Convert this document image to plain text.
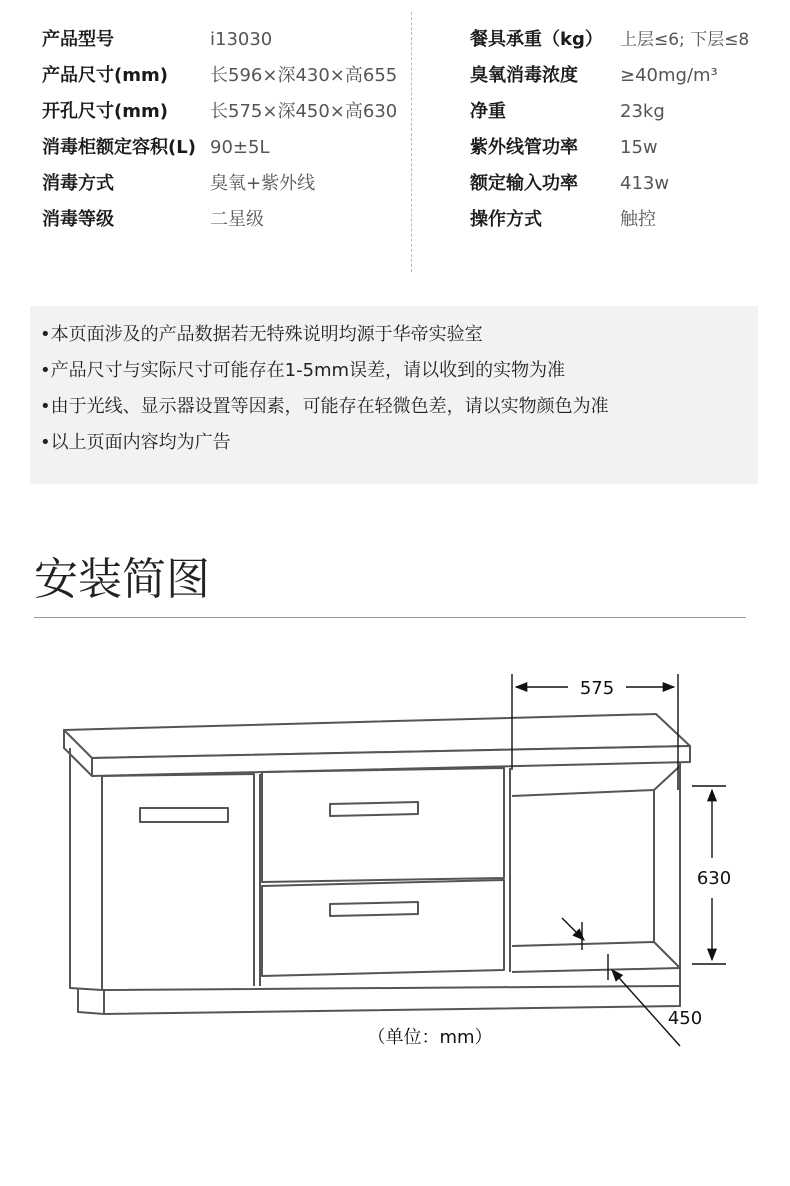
产品型号	i13030
产品尺寸(mm) 长596×深430×高655
开孔尺寸(mm) 长575×深450×高630
消毒柜额定容积(L) 90±5L
消毒方式	臭氧+紫外线
消毒等级	二星级
餐具承重（kg） 上层≤6; 下层≤8
臭氧消毒浓度 ≥40mg/m³
净重	23kg
紫外线管功率 15w
额定输入功率 413w
操作方式	触控
•本页面涉及的产品数据若无特殊说明均源于华帝实验室
•产品尺寸与实际尺寸可能存在1-5mm误差，请以收到的实物为准
•由于光线、显示器设置等因素，可能存在轻微色差，请以实物颜色为准
•以上页面内容均为广告
安装简图
575
630
450
（单位：mm）
